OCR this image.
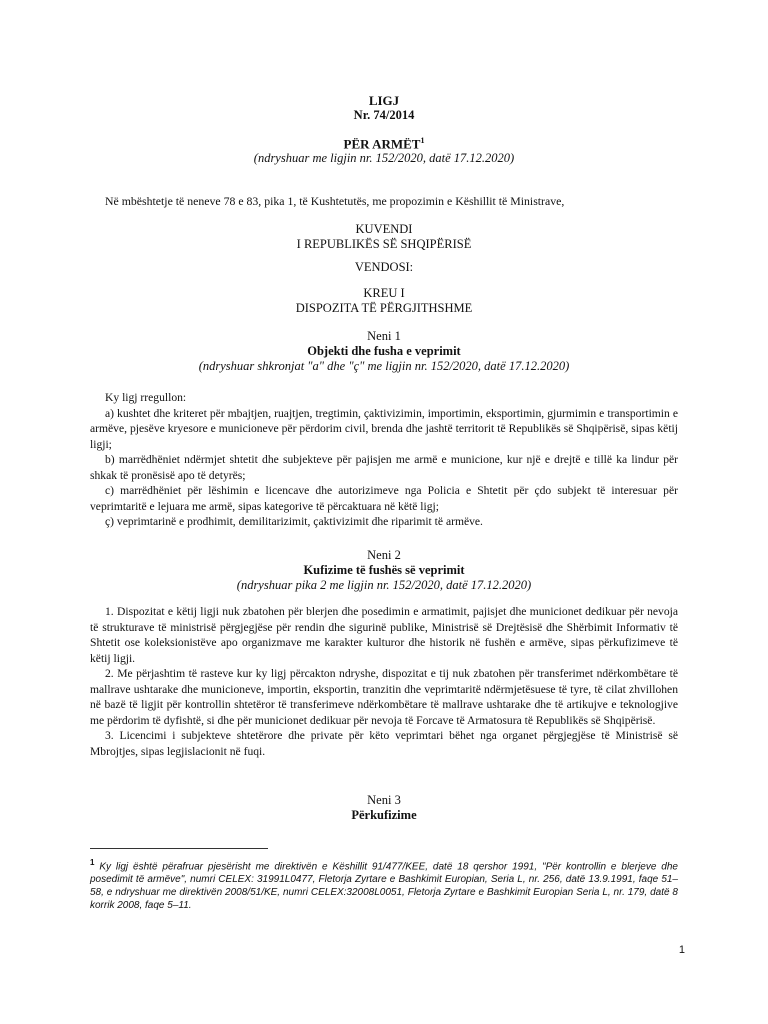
LIGJ
Nr. 74/2014
PËR ARMËT$^1$
(ndryshuar me ligjin nr. 152/2020, datë 17.12.2020)

Në mbështetje të neneve 78 e 83, pika 1, të Kushtetutës, me propozimin e Këshillit të Ministrave,

KUVENDI
I REPUBLIKËS SË SHQIPËRISË
VENDOSI:
KREU I
DISPOZITA TË PËRGJITHSHME
Neni 1
Objekti dhe fusha e veprimit
(ndryshuar shkronjat "a" dhe "ç" me ligjin nr. 152/2020, datë 17.12.2020)

Ky ligj rregullon:

a) kushtet dhe kriteret për mbajtjen, ruajtjen, tregtimin, çaktivizimin, importimin, eksportimin, gjurmimin e transportimin e armëve, pjesëve kryesore e municioneve për përdorim civil, brenda dhe jashtë territorit të Republikës së Shqipërisë, sipas këtij ligji;

b) marrëdhëniet ndërmjet shtetit dhe subjekteve për pajisjen me armë e municione, kur një e drejtë e tillë ka lindur për shkak të pronësisë apo të detyrës;

c) marrëdhëniet për lëshimin e licencave dhe autorizimeve nga Policia e Shtetit për çdo subjekt të interesuar për veprimtaritë e lejuara me armë, sipas kategorive të përcaktuara në këtë ligj;

ç) veprimtarinë e prodhimit, demilitarizimit, çaktivizimit dhe riparimit të armëve.

Neni 2
Kufizime të fushës së veprimit
(ndryshuar pika 2 me ligjin nr. 152/2020, datë 17.12.2020)

1. Dispozitat e këtij ligji nuk zbatohen për blerjen dhe posedimin e armatimit, pajisjet dhe municionet dedikuar për nevoja të strukturave të ministrisë përgjegjëse për rendin dhe sigurinë publike, Ministrisë së Drejtësisë dhe Shërbimit Informativ të Shtetit ose koleksionistëve apo organizmave me karakter kulturor dhe historik në fushën e armëve, sipas përkufizimeve të këtij ligji.

2. Me përjashtim të rasteve kur ky ligj përcakton ndryshe, dispozitat e tij nuk zbatohen për transferimet ndërkombëtare të mallrave ushtarake dhe municioneve, importin, eksportin, tranzitin dhe veprimtaritë ndërmjetësuese të tyre, të cilat zhvillohen në bazë të ligjit për kontrollin shtetëror të transferimeve ndërkombëtare të mallrave ushtarake dhe të artikujve e teknologjive me përdorim të dyfishtë, si dhe për municionet dedikuar për nevoja të Forcave të Armatosura të Republikës së Shqipërisë.

3. Licencimi i subjekteve shtetërore dhe private për këto veprimtari bëhet nga organet përgjegjëse të Ministrisë së Mbrojtjes, sipas legjislacionit në fuqi.

Neni 3
Përkufizime
$^1$ Ky ligj është përafruar pjesërisht me direktivën e Këshillit 91/477/KEE, datë 18 qershor 1991, "Për kontrollin e blerjeve dhe posedimit të armëve", numri CELEX: 31991L0477, Fletorja Zyrtare e Bashkimit Europian, Seria L, nr. 256, datë 13.9.1991, faqe 51–58, e ndryshuar me direktivën 2008/51/KE, numri CELEX:32008L0051, Fletorja Zyrtare e Bashkimit Europian Seria L, nr. 179, datë 8 korrik 2008, faqe 5–11.
1
